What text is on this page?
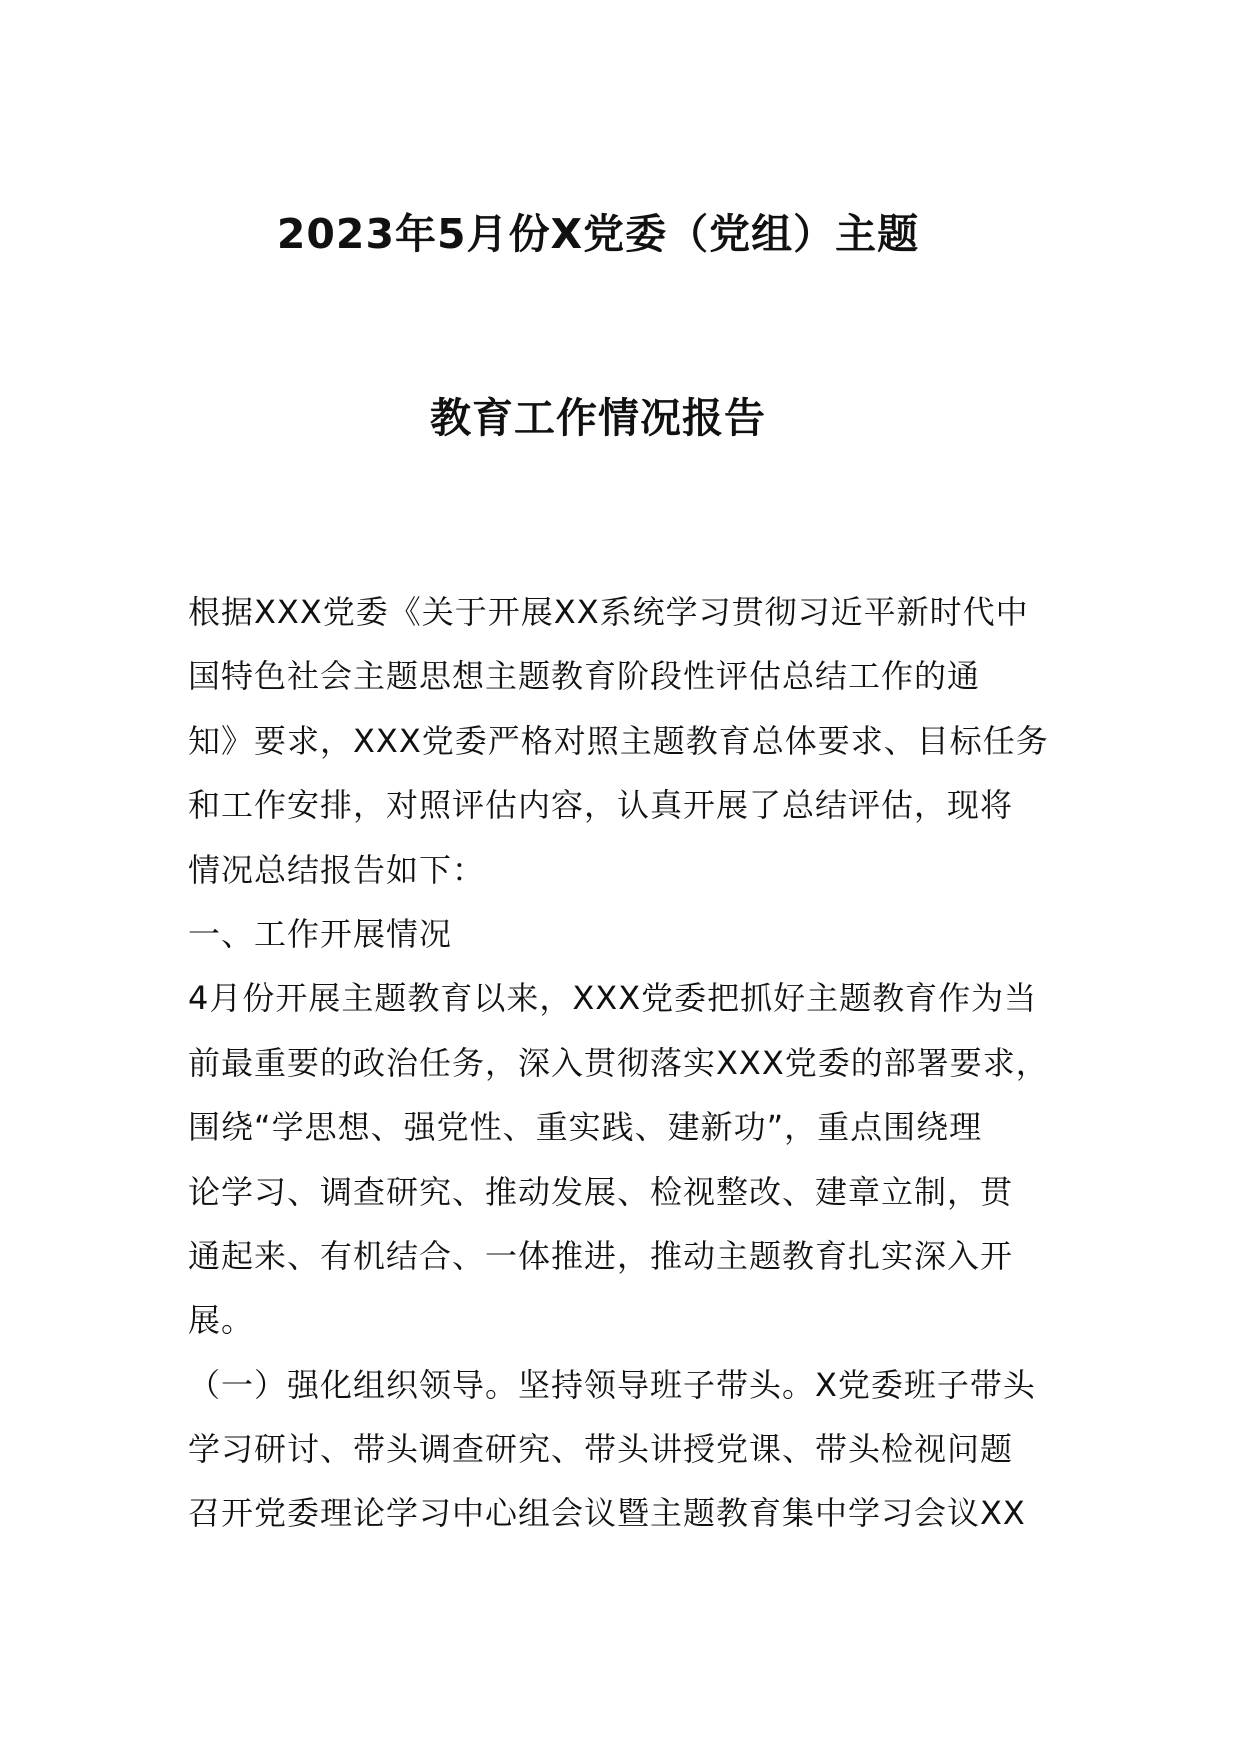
2023年5月份X党委（党组）主题
教育工作情况报告
根据XXX党委《关于开展XX系统学习贯彻习近平新时代中
国特色社会主题思想主题教育阶段性评估总结工作的通
知》要求，XXX党委严格对照主题教育总体要求、目标任务
和工作安排，对照评估内容，认真开展了总结评估，现将
情况总结报告如下：
一、工作开展情况
4月份开展主题教育以来，XXX党委把抓好主题教育作为当
前最重要的政治任务，深入贯彻落实XXX党委的部署要求，
围绕“学思想、强党性、重实践、建新功”，重点围绕理
论学习、调查研究、推动发展、检视整改、建章立制，贯
通起来、有机结合、一体推进，推动主题教育扎实深入开
展。
（一）强化组织领导。坚持领导班子带头。X党委班子带头
学习研讨、带头调查研究、带头讲授党课、带头检视问题
召开党委理论学习中心组会议暨主题教育集中学习会议XX
